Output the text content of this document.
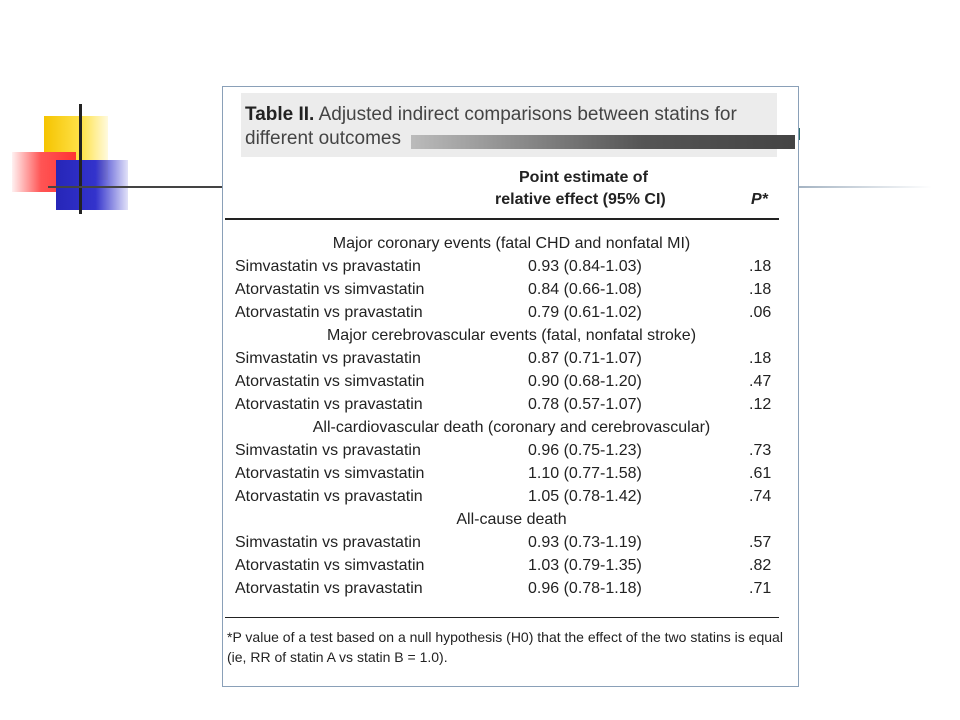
Table II. Adjusted indirect comparisons between statins for different outcomes
Point estimate of
relative effect (95% CI)	P*
Major coronary events (fatal CHD and nonfatal MI)
Simvastatin vs pravastatin	0.93 (0.84-1.03)	.18
Atorvastatin vs simvastatin	0.84 (0.66-1.08)	.18
Atorvastatin vs pravastatin	0.79 (0.61-1.02)	.06
Major cerebrovascular events (fatal, nonfatal stroke)
Simvastatin vs pravastatin	0.87 (0.71-1.07)	.18
Atorvastatin vs simvastatin	0.90 (0.68-1.20)	.47
Atorvastatin vs pravastatin	0.78 (0.57-1.07)	.12
All-cardiovascular death (coronary and cerebrovascular)
Simvastatin vs pravastatin	0.96 (0.75-1.23)	.73
Atorvastatin vs simvastatin	1.10 (0.77-1.58)	.61
Atorvastatin vs pravastatin	1.05 (0.78-1.42)	.74
All-cause death
Simvastatin vs pravastatin	0.93 (0.73-1.19)	.57
Atorvastatin vs simvastatin	1.03 (0.79-1.35)	.82
Atorvastatin vs pravastatin	0.96 (0.78-1.18)	.71
*P value of a test based on a null hypothesis (H0) that the effect of the two statins is equal (ie, RR of statin A vs statin B = 1.0).
